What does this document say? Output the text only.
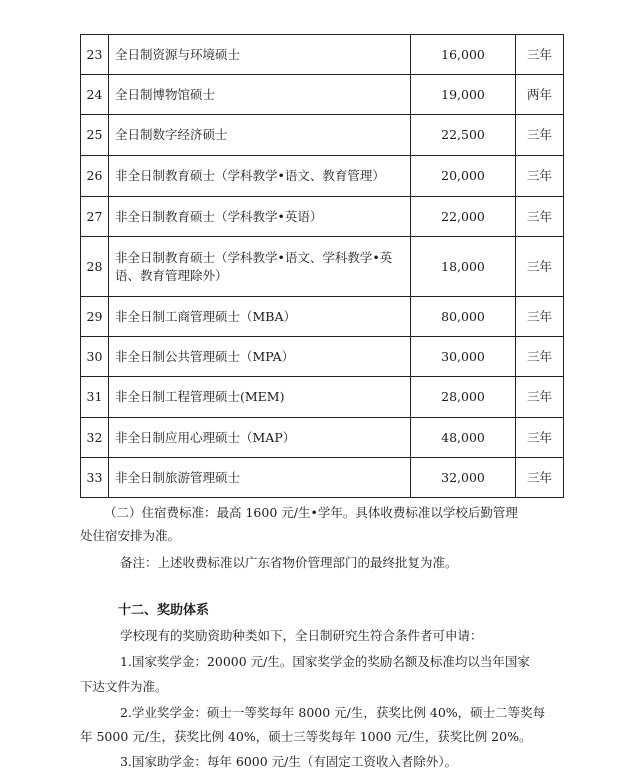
23	全日制资源与环境硕士	16,000	三年
24	全日制博物馆硕士	19,000	两年
25	全日制数字经济硕士	22,500	三年
26	非全日制教育硕士（学科教学•语文、教育管理）	20,000	三年
27	非全日制教育硕士（学科教学•英语）	22,000	三年
28	非全日制教育硕士（学科教学•语文、学科教学•英语、教育管理除外）	18,000	三年
29	非全日制工商管理硕士（MBA）	80,000	三年
30	非全日制公共管理硕士（MPA）	30,000	三年
31	非全日制工程管理硕士(MEM)	28,000	三年
32	非全日制应用心理硕士（MAP）	48,000	三年
33	非全日制旅游管理硕士	32,000	三年
（二）住宿费标准：最高 1600 元/生•学年。具体收费标准以学校后勤管理
处住宿安排为准。
备注：上述收费标准以广东省物价管理部门的最终批复为准。
十二、奖助体系
学校现有的奖励资助种类如下，全日制研究生符合条件者可申请：
1.国家奖学金：20000 元/生。国家奖学金的奖励名额及标准均以当年国家
下达文件为准。
2.学业奖学金：硕士一等奖每年 8000 元/生，获奖比例 40%，硕士二等奖每
年 5000 元/生，获奖比例 40%，硕士三等奖每年 1000 元/生，获奖比例 20%。
3.国家助学金：每年 6000 元/生（有固定工资收入者除外）。
